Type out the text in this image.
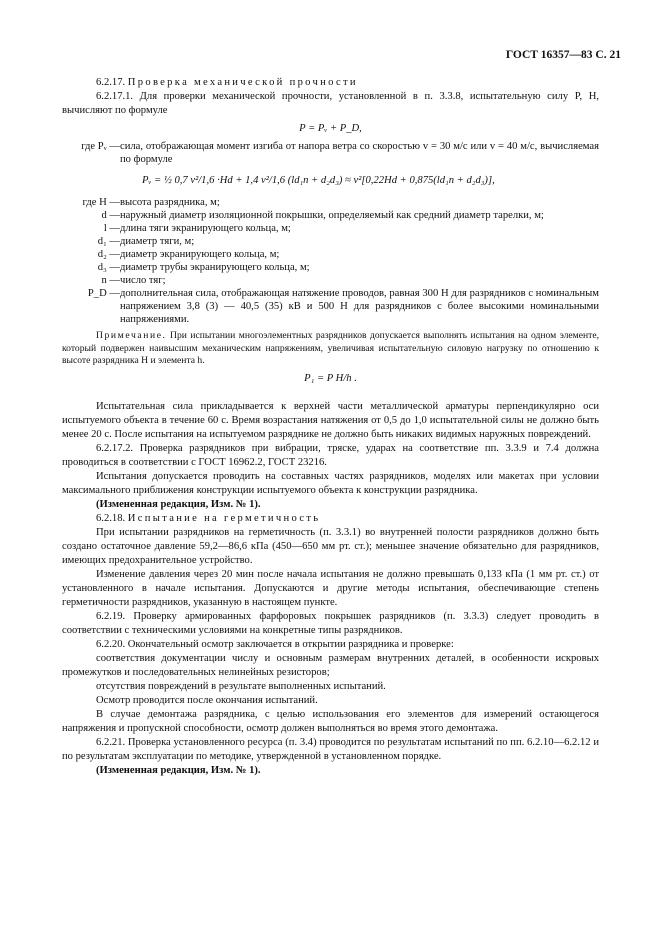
ГОСТ 16357—83 С. 21

6.2.17. Проверка механической прочности

6.2.17.1. Для проверки механической прочности, установленной в п. 3.3.8, испытательную силу P, Н, вычисляют по формуле

P = Pᵥ + P_D,

где Pᵥ —	сила, отображающая момент изгиба от напора ветра со скоростью v = 30 м/с или v = 40 м/с, вычисляемая по формуле

Pᵥ = ½ 0,7 v²/1,6 ·Hd + 1,4 v²/1,6 (ld₁n + d₂d₃) ≈ v²[0,22Hd + 0,875(ld₁n + d₂d₃)],

где H —	высота разрядника, м;
d —	наружный диаметр изоляционной покрышки, определяемый как средний диаметр тарелки, м;
l —	длина тяги экранирующего кольца, м;
d₁ —	диаметр тяги, м;
d₂ —	диаметр экранирующего кольца, м;
d₃ —	диаметр трубы экранирующего кольца, м;
n —	число тяг;
P_D —	дополнительная сила, отображающая натяжение проводов, равная 300 Н для разрядников с номинальным напряжением 3,8 (3) — 40,5 (35) кВ и 500 Н для разрядников с более высокими номинальными напряжениями.
Примечание. При испытании многоэлементных разрядников допускается выполнять испытания на одном элементе, который подвержен наивысшим механическим напряжениям, увеличивая испытательную силовую нагрузку по отношению к высоте разрядника H и элемента h.

P₁ = P H/h .

Испытательная сила прикладывается к верхней части металлической арматуры перпендикулярно оси испытуемого объекта в течение 60 с. Время возрастания натяжения от 0,5 до 1,0 испытательной силы не должно быть менее 20 с. После испытания на испытуемом разряднике не должно быть никаких видимых наружных повреждений.

6.2.17.2. Проверка разрядников при вибрации, тряске, ударах на соответствие пп. 3.3.9 и 7.4 должна проводиться в соответствии с ГОСТ 16962.2, ГОСТ 23216.

Испытания допускается проводить на составных частях разрядников, моделях или макетах при условии максимального приближения конструкции испытуемого объекта к конструкции разрядника.

(Измененная редакция, Изм. № 1).

6.2.18. Испытание на герметичность

При испытании разрядников на герметичность (п. 3.3.1) во внутренней полости разрядников должно быть создано остаточное давление 59,2—86,6 кПа (450—650 мм рт. ст.); меньшее значение обязательно для разрядников, имеющих предохранительное устройство.

Изменение давления через 20 мин после начала испытания не должно превышать 0,133 кПа (1 мм рт. ст.) от установленного в начале испытания. Допускаются и другие методы испытания, обеспечивающие степень герметичности разрядников, указанную в настоящем пункте.

6.2.19. Проверку армированных фарфоровых покрышек разрядников (п. 3.3.3) следует проводить в соответствии с техническими условиями на конкретные типы разрядников.

6.2.20. Окончательный осмотр заключается в открытии разрядника и проверке:

соответствия документации числу и основным размерам внутренних деталей, в особенности искровых промежутков и последовательных нелинейных резисторов;

отсутствия повреждений в результате выполненных испытаний.

Осмотр проводится после окончания испытаний.

В случае демонтажа разрядника, с целью использования его элементов для измерений остающегося напряжения и пропускной способности, осмотр должен выполняться во время этого демонтажа.

6.2.21. Проверка установленного ресурса (п. 3.4) проводится по результатам испытаний по пп. 6.2.10—6.2.12 и по результатам эксплуатации по методике, утвержденной в установленном порядке.

(Измененная редакция, Изм. № 1).
